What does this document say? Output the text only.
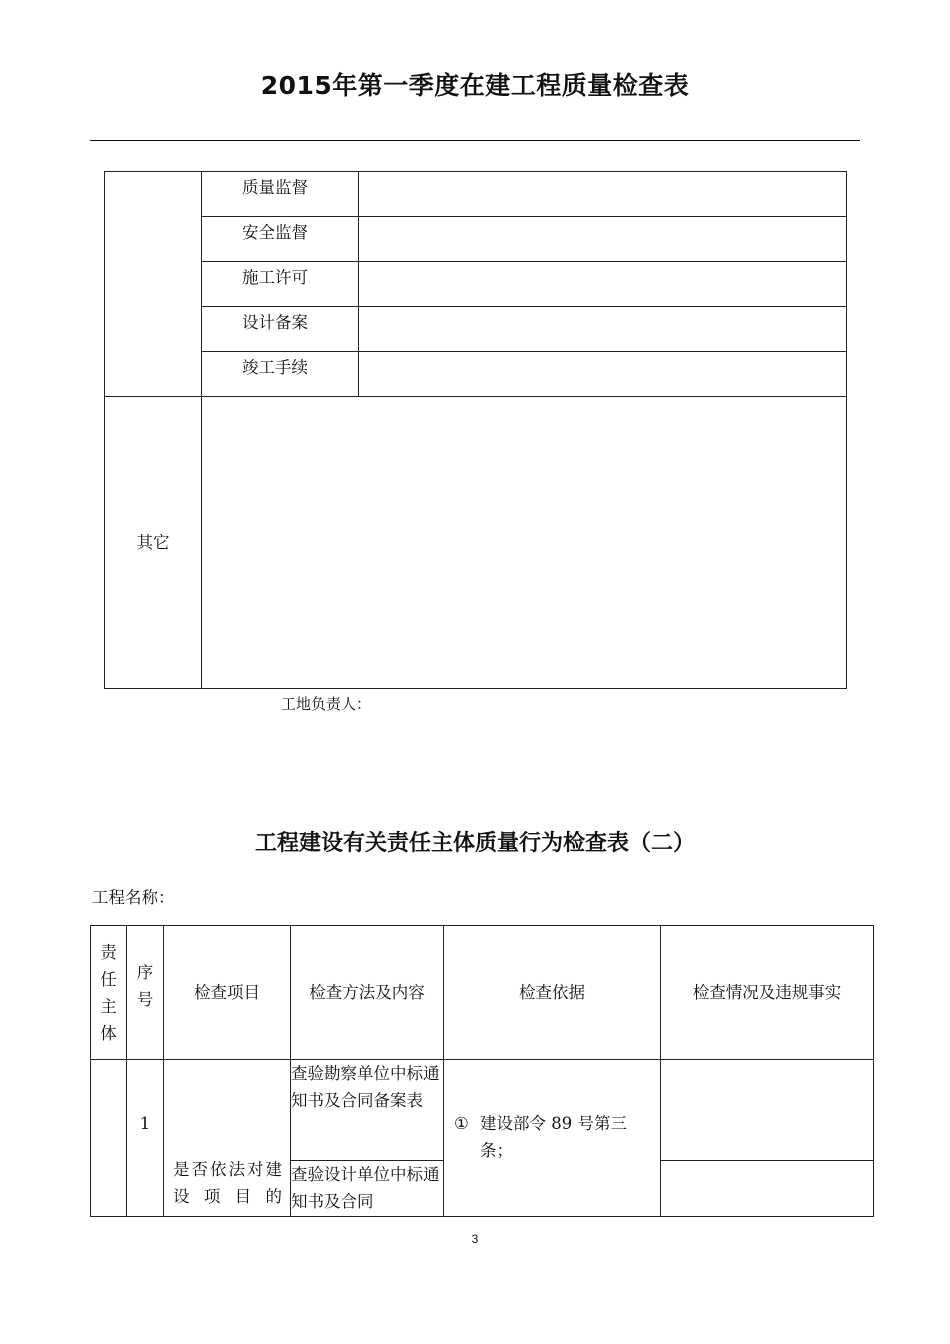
2015年第一季度在建工程质量检查表
	质量监督	
	安全监督	
	施工许可	
	设计备案	
	竣工手续	
其它		
工地负责人：
工程建设有关责任主体质量行为检查表（二）
工程名称：
责
任
主
体	序
号	检查项目	检查方法及内容	检查依据	检查情况及违规事实
	1	是否依法对建设项目的	查验勘察单位中标通知书及合同备案表	① 建设部令 89 号第三条；	

			查验设计单位中标通知书及合同		

3
